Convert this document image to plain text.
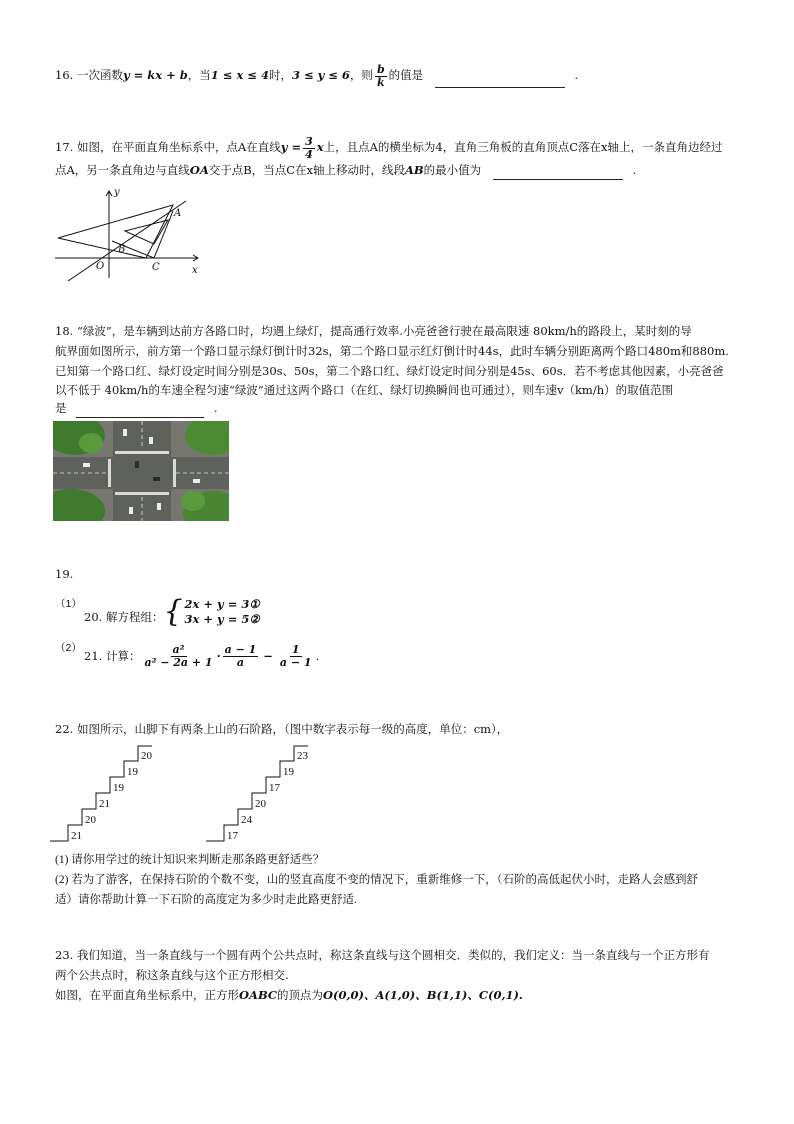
16. 一次函数y = kx + b，当1 ≤ x ≤ 4时，3 ≤ y ≤ 6，则 $\frac{b}{k}$ 的值是	.
17. 如图，在平面直角坐标系中，点A在直线$y = \frac{3}{4}$ x上，且点A的横坐标为4，直角三角板的直角顶点C落在x轴上，一条直角边经过
点A，另一条直角边与直线OA交于点B，当点C在x轴上移动时，线段AB的最小值为	.
y
x
O
A
B
C
18. “绿波”，是车辆到达前方各路口时，均遇上绿灯，提高通行效率.小亮爸爸行驶在最高限速 80km/h的路段上，某时刻的导
航界面如图所示，前方第一个路口显示绿灯倒计时32s，第二个路口显示红灯倒计时44s，此时车辆分别距离两个路口480m和880m.
已知第一个路口红、绿灯设定时间分别是30s、50s，第二个路口红、绿灯设定时间分别是45s、60s．若不考虑其他因素，小亮爸爸
以不低于 40km/h的车速全程匀速“绿波”通过这两个路口（在红、绿灯切换瞬间也可通过），则车速v（km/h）的取值范围
是	.
19.
（1）
20. 解方程组： { 2x + y = 3①
3x + y = 5②
（2）
21. 计算： $\frac{\text{a²}}{\text{a² − 2a + 1}} \cdot \frac{a - 1}{a} - \frac{1}{a - 1}$ .
22. 如图所示，山脚下有两条上山的石阶路，（图中数字表示每一级的高度，单位：cm），
21
20
21
19
19
20
17
24
20
17
19
23
(1) 请你用学过的统计知识来判断走那条路更舒适些？
(2) 若为了游客，在保持石阶的个数不变，山的竖直高度不变的情况下，重新维修一下，（石阶的高低起伏小时，走路人会感到舒
适）请你帮助计算一下石阶的高度定为多少时走此路更舒适.
23. 我们知道，当一条直线与一个圆有两个公共点时，称这条直线与这个圆相交．类似的，我们定义：当一条直线与一个正方形有
两个公共点时，称这条直线与这个正方形相交.
如图，在平面直角坐标系中，正方形OABC的顶点为O(0,0)、A(1,0)、B(1,1)、C(0,1).
